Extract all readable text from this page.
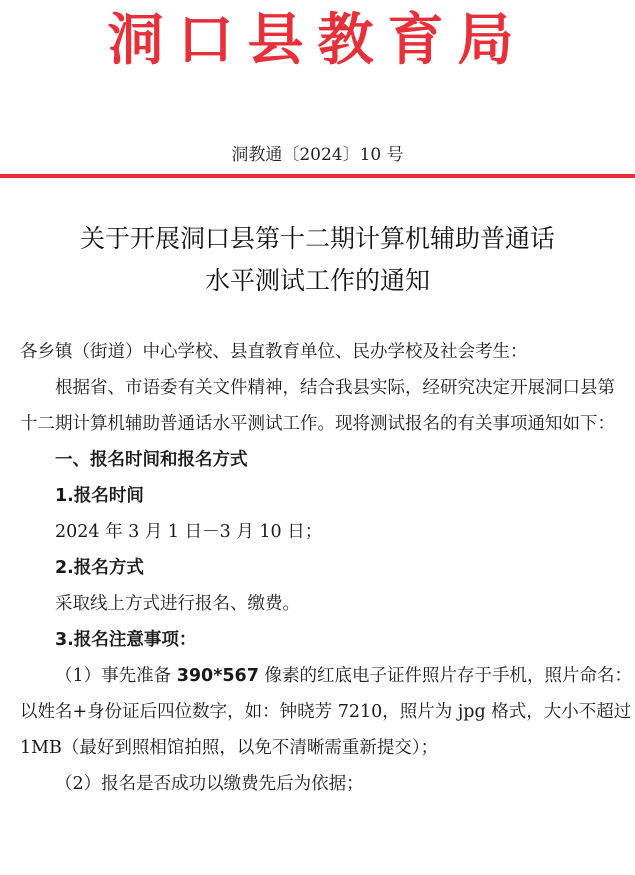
洞口县教育局
洞教通〔2024〕10 号
关于开展洞口县第十二期计算机辅助普通话
水平测试工作的通知

各乡镇（街道）中心学校、县直教育单位、民办学校及社会考生：

根据省、市语委有关文件精神，结合我县实际，经研究决定开展洞口县第十二期计算机辅助普通话水平测试工作。现将测试报名的有关事项通知如下：

一、报名时间和报名方式

1.报名时间

2024 年 3 月 1 日－3 月 10 日；

2.报名方式

采取线上方式进行报名、缴费。

3.报名注意事项：

（1）事先准备 390*567 像素的红底电子证件照片存于手机，照片命名：以姓名+身份证后四位数字，如：钟晓芳 7210，照片为 jpg 格式，大小不超过 1MB（最好到照相馆拍照，以免不清晰需重新提交）；

（2）报名是否成功以缴费先后为依据；
